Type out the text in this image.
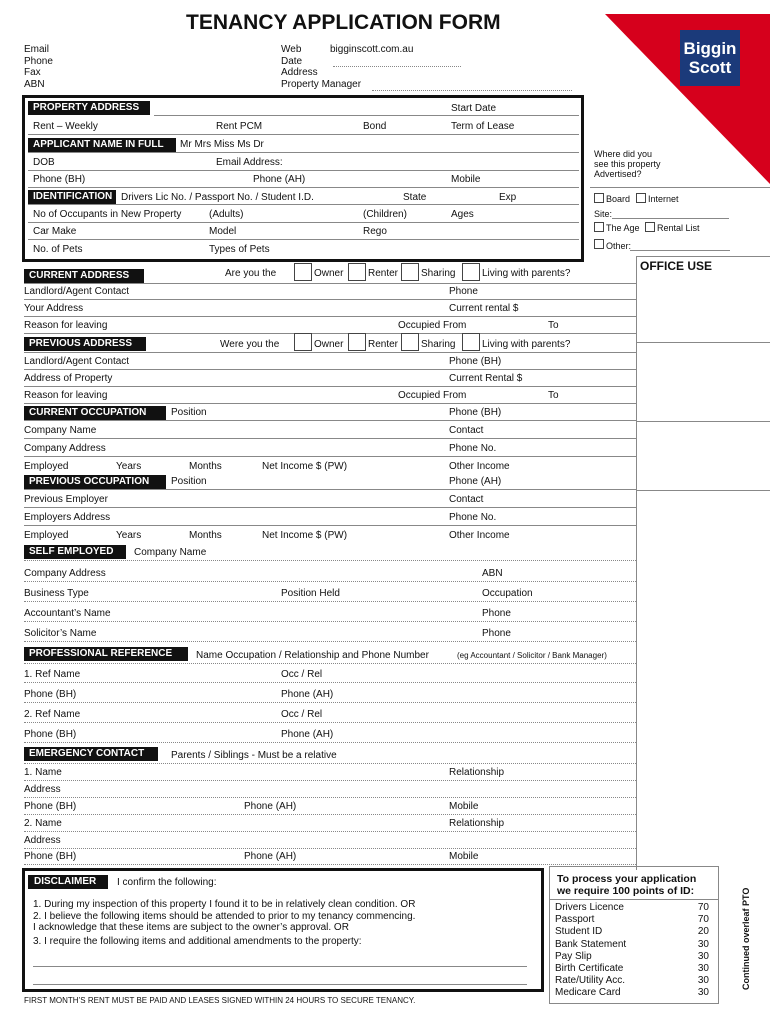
TENANCY APPLICATION FORM
Biggin
Scott
Email
Phone
Fax
ABN
Web	bigginscott.com.au
Date
Address
Property Manager
PROPERTY ADDRESS	Start Date
Rent – Weekly	Rent PCM	Bond	Term of Lease
APPLICANT NAME IN FULL	Mr Mrs Miss Ms Dr
DOB	Email Address:
Phone (BH)	Phone (AH)	Mobile
IDENTIFICATION Drivers Lic No. / Passport No. / Student I.D.	State	Exp
No of Occupants in New Property	(Adults)	(Children)	Ages
Car Make	Model	Rego
No. of Pets	Types of Pets
Where did you
see this property
Advertised?
Board Internet
Site:
The Age Rental List
Other:
OFFICE USE
CURRENT ADDRESS	Are you the	Owner Renter Sharing	Living with parents?
Landlord/Agent Contact	Phone
Your Address	Current rental $
Reason for leaving	Occupied From	To
PREVIOUS ADDRESS	Were you the	Owner Renter Sharing	Living with parents?
Landlord/Agent Contact	Phone (BH)
Address of Property	Current Rental $
Reason for leaving	Occupied From	To
CURRENT OCCUPATION	Position	Phone (BH)
Company Name	Contact
Company Address	Phone No.
Employed	Years	Months	Net Income $ (PW)	Other Income
PREVIOUS OCCUPATION	Position	Phone (AH)
Previous Employer	Contact
Employers Address	Phone No.
Employed	Years	Months	Net Income $ (PW)	Other Income
SELF EMPLOYED	Company Name
Company Address	ABN
Business Type	Position Held	Occupation
Accountant’s Name	Phone
Solicitor’s Name	Phone
PROFESSIONAL REFERENCE	Name Occupation / Relationship and Phone Number	(eg Accountant / Solicitor / Bank Manager)
1. Ref Name	Occ / Rel
Phone (BH)	Phone (AH)
2. Ref Name	Occ / Rel
Phone (BH)	Phone (AH)
EMERGENCY CONTACT	Parents / Siblings - Must be a relative
1. Name	Relationship
Address
Phone (BH)	Phone (AH)	Mobile
2. Name	Relationship
Address
Phone (BH)	Phone (AH)	Mobile
DISCLAIMER	I confirm the following:
1. During my inspection of this property I found it to be in relatively clean condition. OR
2. I believe the following items should be attended to prior to my tenancy commencing.
I acknowledge that these items are subject to the owner’s approval. OR
3. I require the following items and additional amendments to the property:
FIRST MONTH’S RENT MUST BE PAID AND LEASES SIGNED WITHIN 24 HOURS TO SECURE TENANCY.
To process your application
we require 100 points of ID:
Drivers Licence	70
Passport	70
Student ID	20
Bank Statement	30
Pay Slip	30
Birth Certificate	30
Rate/Utility Acc.	30
Medicare Card	30
Continued overleaf PTO
